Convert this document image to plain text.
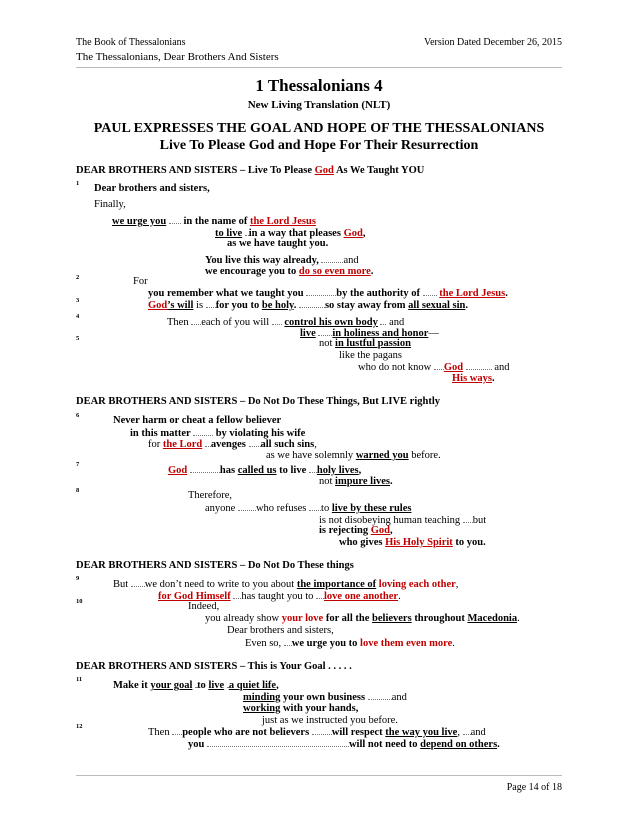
The Book of Thessalonians	Version Dated December 26, 2015
The Thessalonians, Dear Brothers And Sisters
1 Thessalonians 4
New Living Translation (NLT)
PAUL EXPRESSES THE GOAL AND HOPE OF THE THESSALONIANS
Live To Please God and Hope For Their Resurrection
DEAR BROTHERS AND SISTERS – Live To Please God As We Taught YOU
1 Dear brothers and sisters,
Finally,
we urge you in the name of the Lord Jesus
to live in a way that pleases God,
as we have taught you.
You live this way already, and
we encourage you to do so even more.
2	For
you remember what we taught you	by the authority of the Lord Jesus.
3	God’s will is for you to be holy.	so stay away from all sexual sin.
4
Then each of you will control his own body and
live in holiness and honor—
5	not in lustful passion
like the pagans
who do not know God	and
His ways.
DEAR BROTHERS AND SISTERS – Do Not Do These Things, But LIVE rightly
6	Never harm or cheat a fellow believer
in this matter by violating his wife
for the Lord avenges all such sins,
as we have solemnly warned you before.
7
God	has called us to live holy lives,
not impure lives.
8	Therefore,
anyone who refuses to live by these rules
is not disobeying human teaching but
is rejecting God,
who gives His Holy Spirit to you.
DEAR BROTHERS AND SISTERS – Do Not Do These things
9
But we don’t need to write to you about the importance of loving each other,
for God Himself has taught you to love one another.
10	Indeed,
you already show your love for all the believers throughout Macedonia.
Dear brothers and sisters,
Even so, we urge you to love them even more.
DEAR BROTHERS AND SISTERS – This is Your Goal . . . . .
11
Make it your goal to live a quiet life,
minding your own business	and
working with your hands,
just as we instructed you before.
12
Then people who are not believers will respect the way you live, and
you	will not need to depend on others.
Page 14 of 18
